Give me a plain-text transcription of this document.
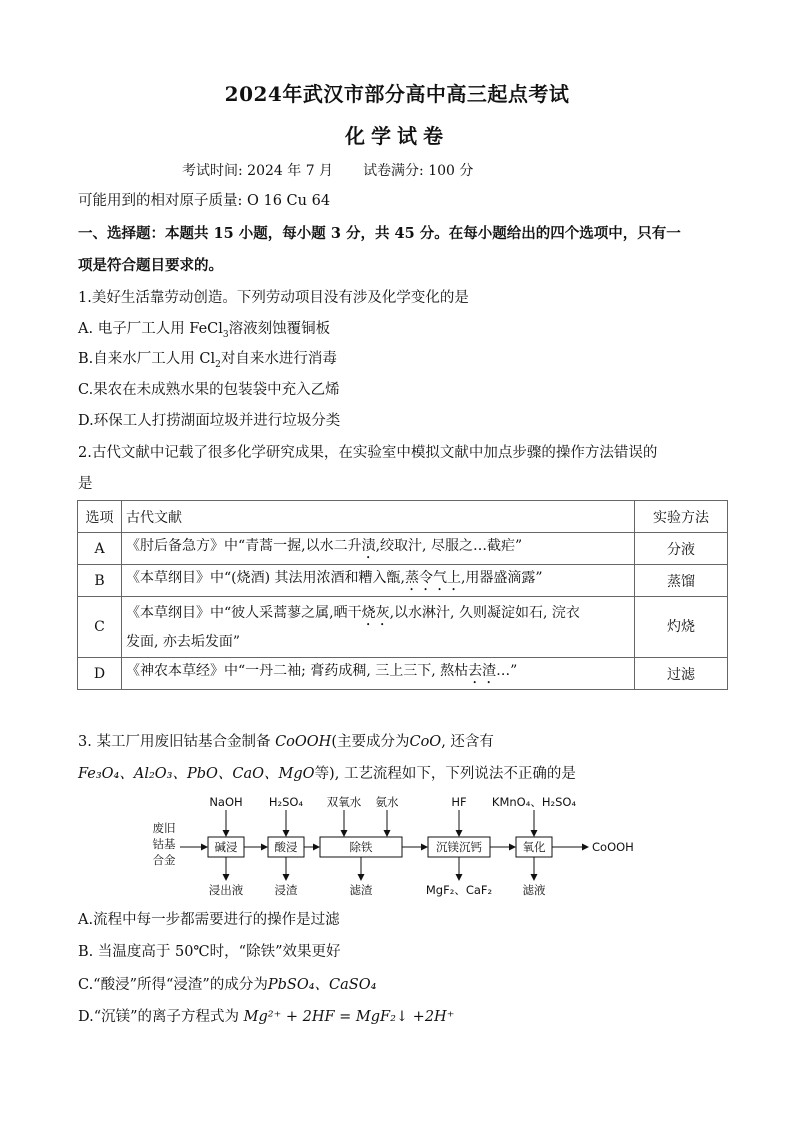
2024年武汉市部分高中高三起点考试
化学试卷
考试时间: 2024 年 7 月 试卷满分: 100 分
可能用到的相对原子质量: O 16 Cu 64
一、选择题：本题共 15 小题，每小题 3 分，共 45 分。在每小题给出的四个选项中，只有一
项是符合题目要求的。
1.美好生活靠劳动创造。下列劳动项目没有涉及化学变化的是
A. 电子厂工人用 FeCl$_3$溶液刻蚀覆铜板
B.自来水厂工人用 $Cl_2$对自来水进行消毒
C.果农在未成熟水果的包装袋中充入乙烯
D.环保工人打捞湖面垃圾并进行垃圾分类
2.古代文献中记载了很多化学研究成果，在实验室中模拟文献中加点步骤的操作方法错误的
是
选项	古代文献	实验方法
A	《肘后备急方》中“青蒿一握,以水二升渍,绞取汁, 尽服之…截疟”	分液
B	《本草纲目》中“(烧酒) 其法用浓酒和糟入甑,蒸令气上,用器盛滴露”	蒸馏
C	《本草纲目》中“彼人采蒿蓼之属,晒干烧灰,以水淋汁, 久则凝淀如石, 浣衣
发面, 亦去垢发面”	灼烧
D	《神农本草经》中“一丹二袖; 膏药成稠, 三上三下, 熬枯去渣…”	过滤
3. 某工厂用废旧钴基合金制备 CoOOH(主要成分为CoO, 还含有
Fe₃O₄、Al₂O₃、PbO、CaO、MgO等), 工艺流程如下，下列说法不正确的是
废旧
钴基
合金
碱浸	酸浸	除铁	沉镁沉钙	氧化	CoOOH
NaOH H₂SO₄ 双氧水 氨水	HF KMnO₄、H₂SO₄
浸出液	浸渣	滤渣	MgF₂、CaF₂	滤液
A.流程中每一步都需要进行的操作是过滤
B. 当温度高于 50℃时，“除铁”效果更好
C.“酸浸”所得“浸渣”的成分为PbSO₄、CaSO₄
D.“沉镁”的离子方程式为 Mg²⁺ + 2HF = MgF₂↓ +2H⁺
